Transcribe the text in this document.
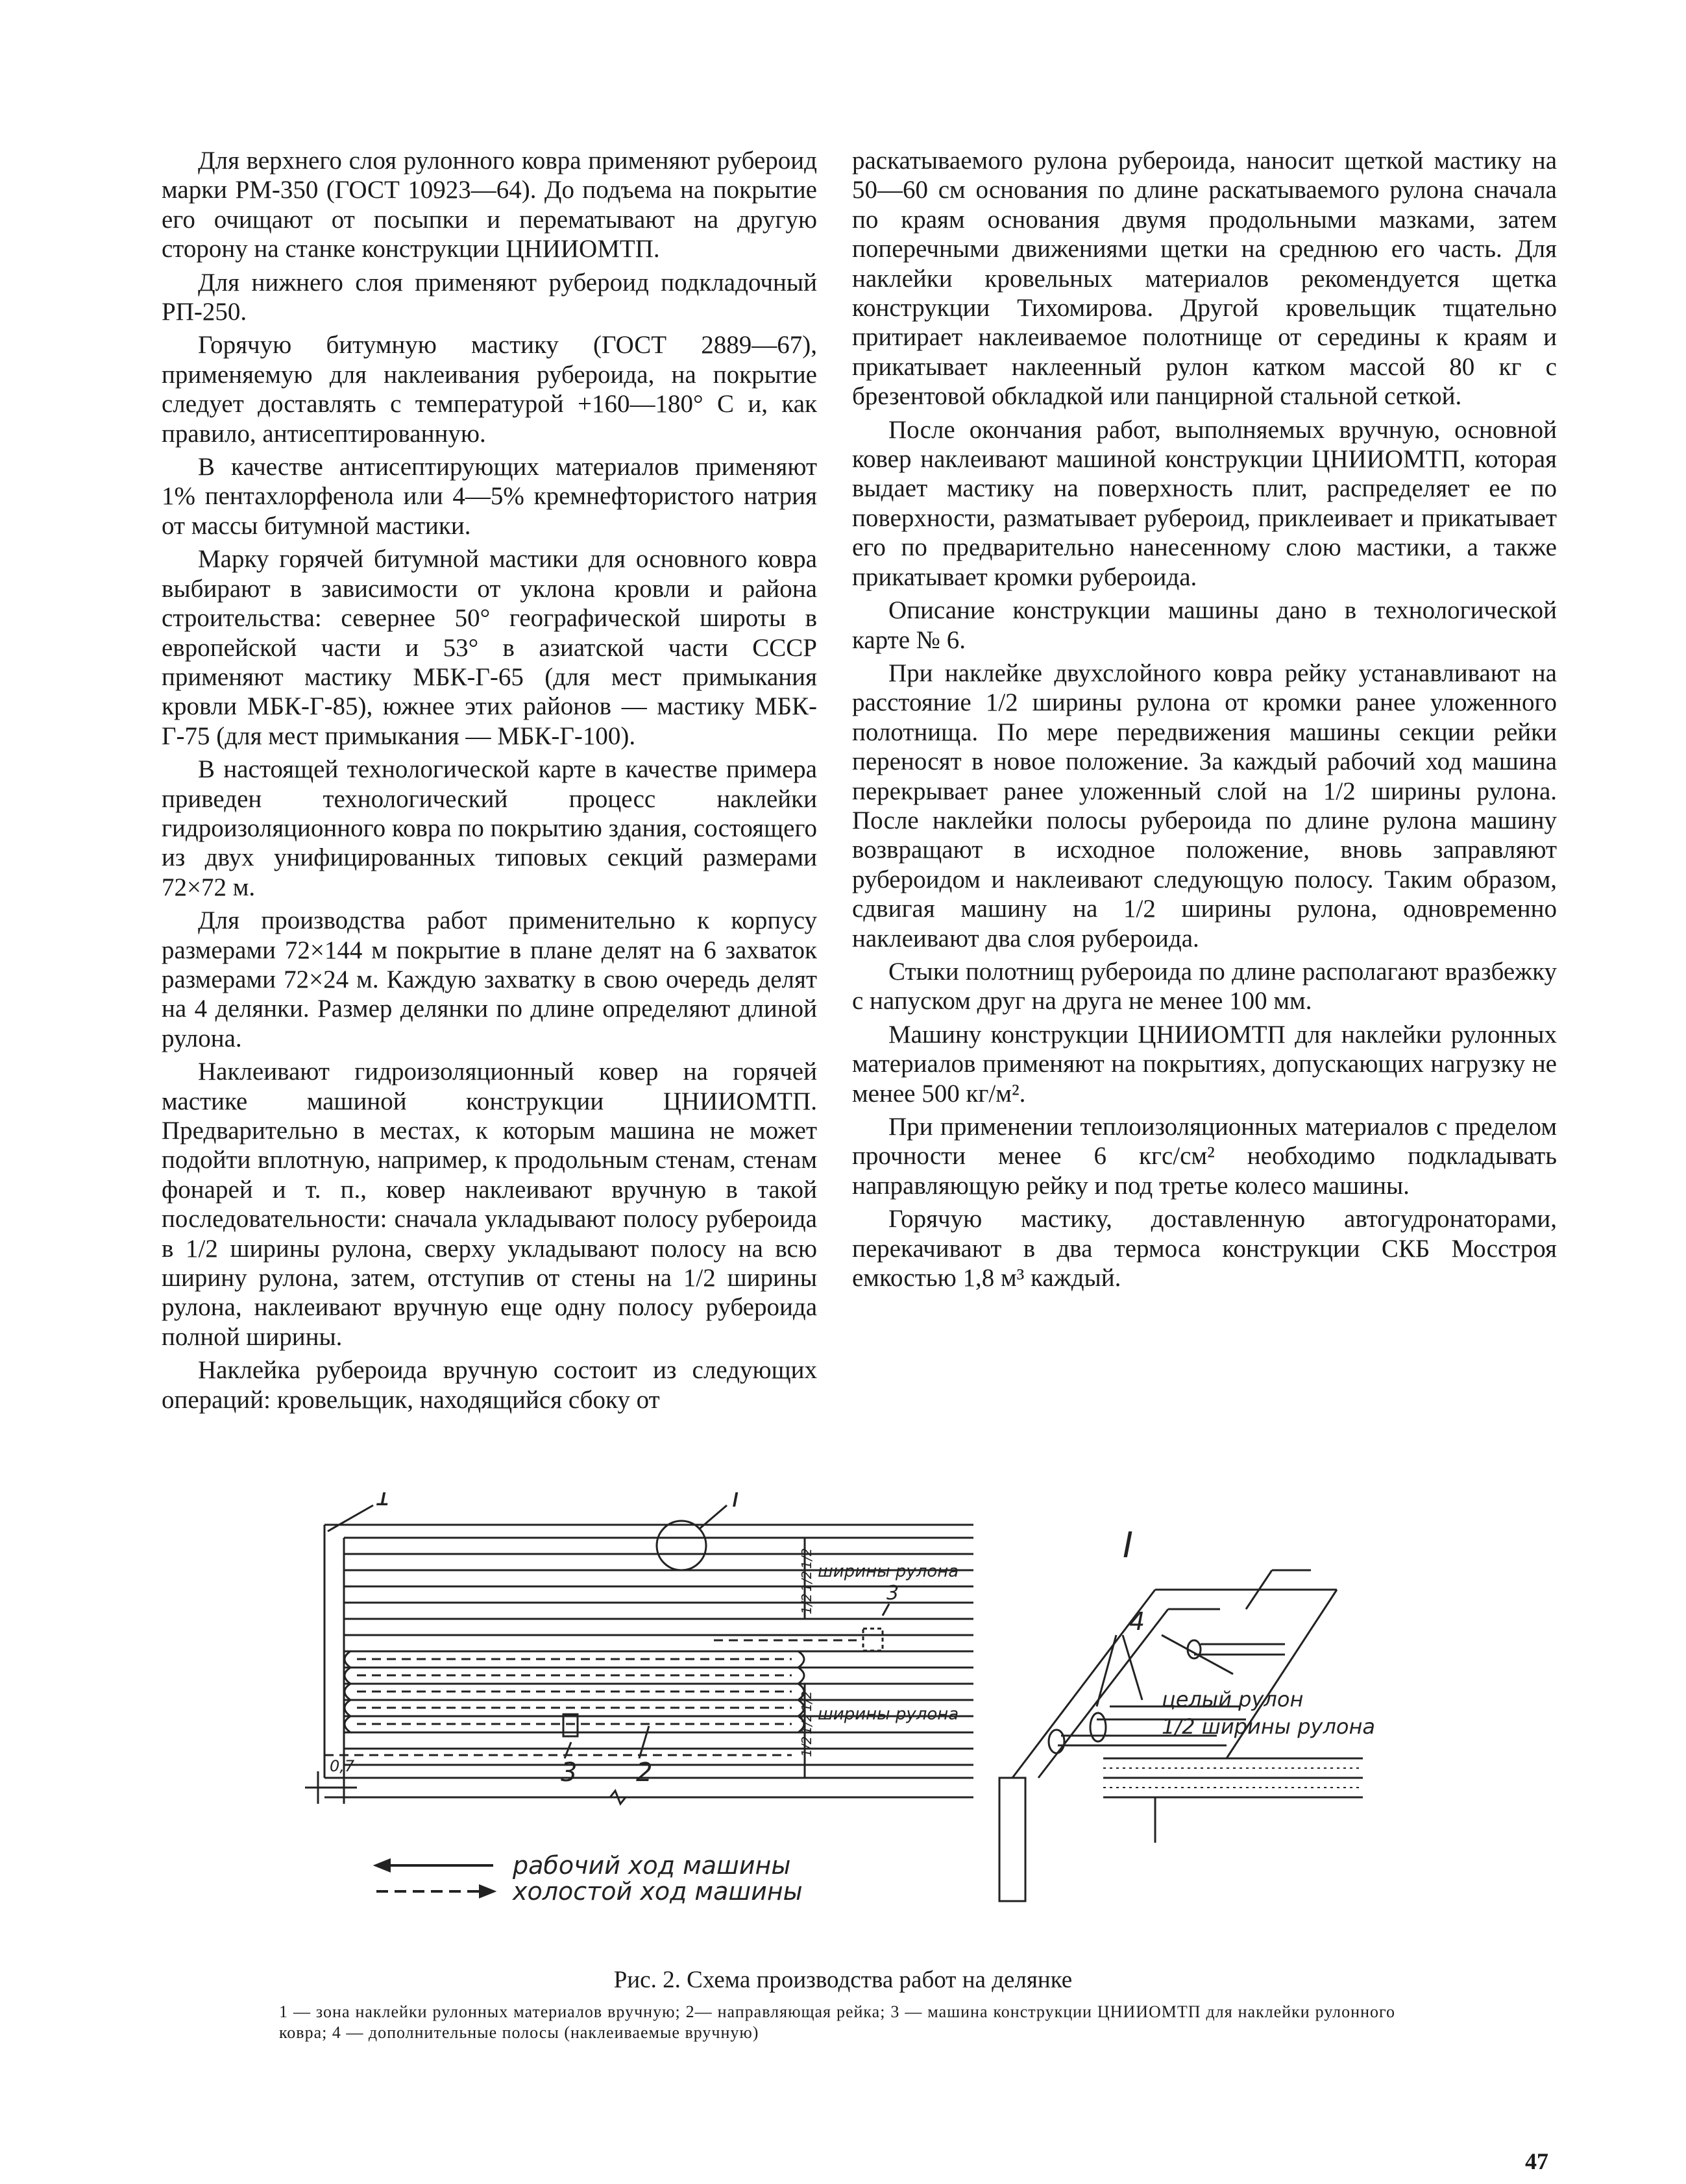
Для верхнего слоя рулонного ковра применяют рубероид марки РМ-350 (ГОСТ 10923—64). До подъема на покрытие его очищают от посыпки и перематывают на другую сторону на станке конструкции ЦНИИОМТП.

Для нижнего слоя применяют рубероид подкладочный РП-250.

Горячую битумную мастику (ГОСТ 2889—67), применяемую для наклеивания рубероида, на покрытие следует доставлять с температурой +160—180° С и, как правило, антисептированную.

В качестве антисептирующих материалов применяют 1% пентахлорфенола или 4—5% кремнефтористого натрия от массы битумной мастики.

Марку горячей битумной мастики для основного ковра выбирают в зависимости от уклона кровли и района строительства: севернее 50° географической широты в европейской части и 53° в азиатской части СССР применяют мастику МБК-Г-65 (для мест примыкания кровли МБК-Г-85), южнее этих районов — мастику МБК-Г-75 (для мест примыкания — МБК-Г-100).

В настоящей технологической карте в качестве примера приведен технологический процесс наклейки гидроизоляционного ковра по покрытию здания, состоящего из двух унифицированных типовых секций размерами 72×72 м.

Для производства работ применительно к корпусу размерами 72×144 м покрытие в плане делят на 6 захваток размерами 72×24 м. Каждую захватку в свою очередь делят на 4 делянки. Размер делянки по длине определяют длиной рулона.

Наклеивают гидроизоляционный ковер на горячей мастике машиной конструкции ЦНИИОМТП. Предварительно в местах, к которым машина не может подойти вплотную, например, к продольным стенам, стенам фонарей и т. п., ковер наклеивают вручную в такой последовательности: сначала укладывают полосу рубероида в 1/2 ширины рулона, сверху укладывают полосу на всю ширину рулона, затем, отступив от стены на 1/2 ширины рулона, наклеивают вручную еще одну полосу рубероида полной ширины.

Наклейка рубероида вручную состоит из следующих операций: кровельщик, находящийся сбоку от

раскатываемого рулона рубероида, наносит щеткой мастику на 50—60 см основания по длине раскатываемого рулона сначала по краям основания двумя продольными мазками, затем поперечными движениями щетки на среднюю его часть. Для наклейки кровельных материалов рекомендуется щетка конструкции Тихомирова. Другой кровельщик тщательно притирает наклеиваемое полотнище от середины к краям и прикатывает наклеенный рулон катком массой 80 кг с брезентовой обкладкой или панцирной стальной сеткой.

После окончания работ, выполняемых вручную, основной ковер наклеивают машиной конструкции ЦНИИОМТП, которая выдает мастику на поверхность плит, распределяет ее по поверхности, разматывает рубероид, приклеивает и прикатывает его по предварительно нанесенному слою мастики, а также прикатывает кромки рубероида.

Описание конструкции машины дано в технологической карте № 6.

При наклейке двухслойного ковра рейку устанавливают на расстояние 1/2 ширины рулона от кромки ранее уложенного полотнища. По мере передвижения машины секции рейки переносят в новое положение. За каждый рабочий ход машина перекрывает ранее уложенный слой на 1/2 ширины рулона. После наклейки полосы рубероида по длине рулона машину возвращают в исходное положение, вновь заправляют рубероидом и наклеивают следующую полосу. Таким образом, сдвигая машину на 1/2 ширины рулона, одновременно наклеивают два слоя рубероида.

Стыки полотнищ рубероида по длине располагают вразбежку с напуском друг на друга не менее 100 мм.

Машину конструкции ЦНИИОМТП для наклейки рулонных материалов применяют на покрытиях, допускающих нагрузку не менее 500 кг/м².

При применении теплоизоляционных материалов с пределом прочности менее 6 кгс/см² необходимо подкладывать направляющую рейку и под третье колесо машины.

Горячую мастику, доставленную автогудронаторами, перекачивают в два термоса конструкции СКБ Мосстроя емкостью 1,8 м³ каждый.

1	I
3 2
3
0,7
I
4
целый рулон
1/2 ширины рулона
рабочий ход машины
холостой ход машины
ширины рулона
ширины рулона
1/2
1/2
1/2
1/2
1/2
1/2
Рис. 2. Схема производства работ на делянке
1 — зона наклейки рулонных материалов вручную; 2— направляющая рейка; 3 — машина конструкции ЦНИИОМТП для наклейки рулонного ковра; 4 — дополнительные полосы (наклеиваемые вручную)
47
